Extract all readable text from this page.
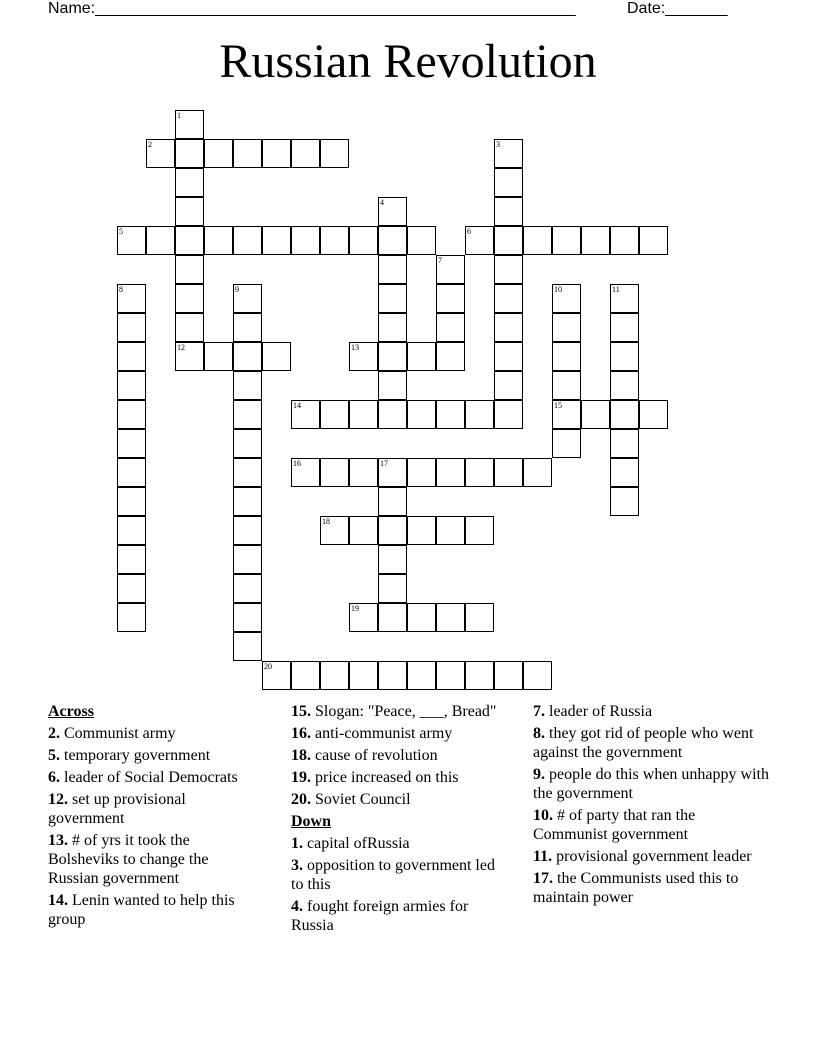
Name:______________________________________________________	Date:_______
Russian Revolution
1
12
2	3
4
5	6
7
8	9	10
15
11
13
14
16	17
18
19
20
Across
2. Communist army
5. temporary government
6. leader of Social Democrats
12. set up provisional government
13. # of yrs it took the Bolsheviks to change the Russian government
14. Lenin wanted to help this group
15. Slogan: "Peace, ___, Bread"
16. anti-communist army
18. cause of revolution
19. price increased on this
20. Soviet Council
Down
1. capital ofRussia
3. opposition to government led to this
4. fought foreign armies for Russia
7. leader of Russia
8. they got rid of people who went against the government
9. people do this when unhappy with the government
10. # of party that ran the Communist government
11. provisional government leader
17. the Communists used this to maintain power
